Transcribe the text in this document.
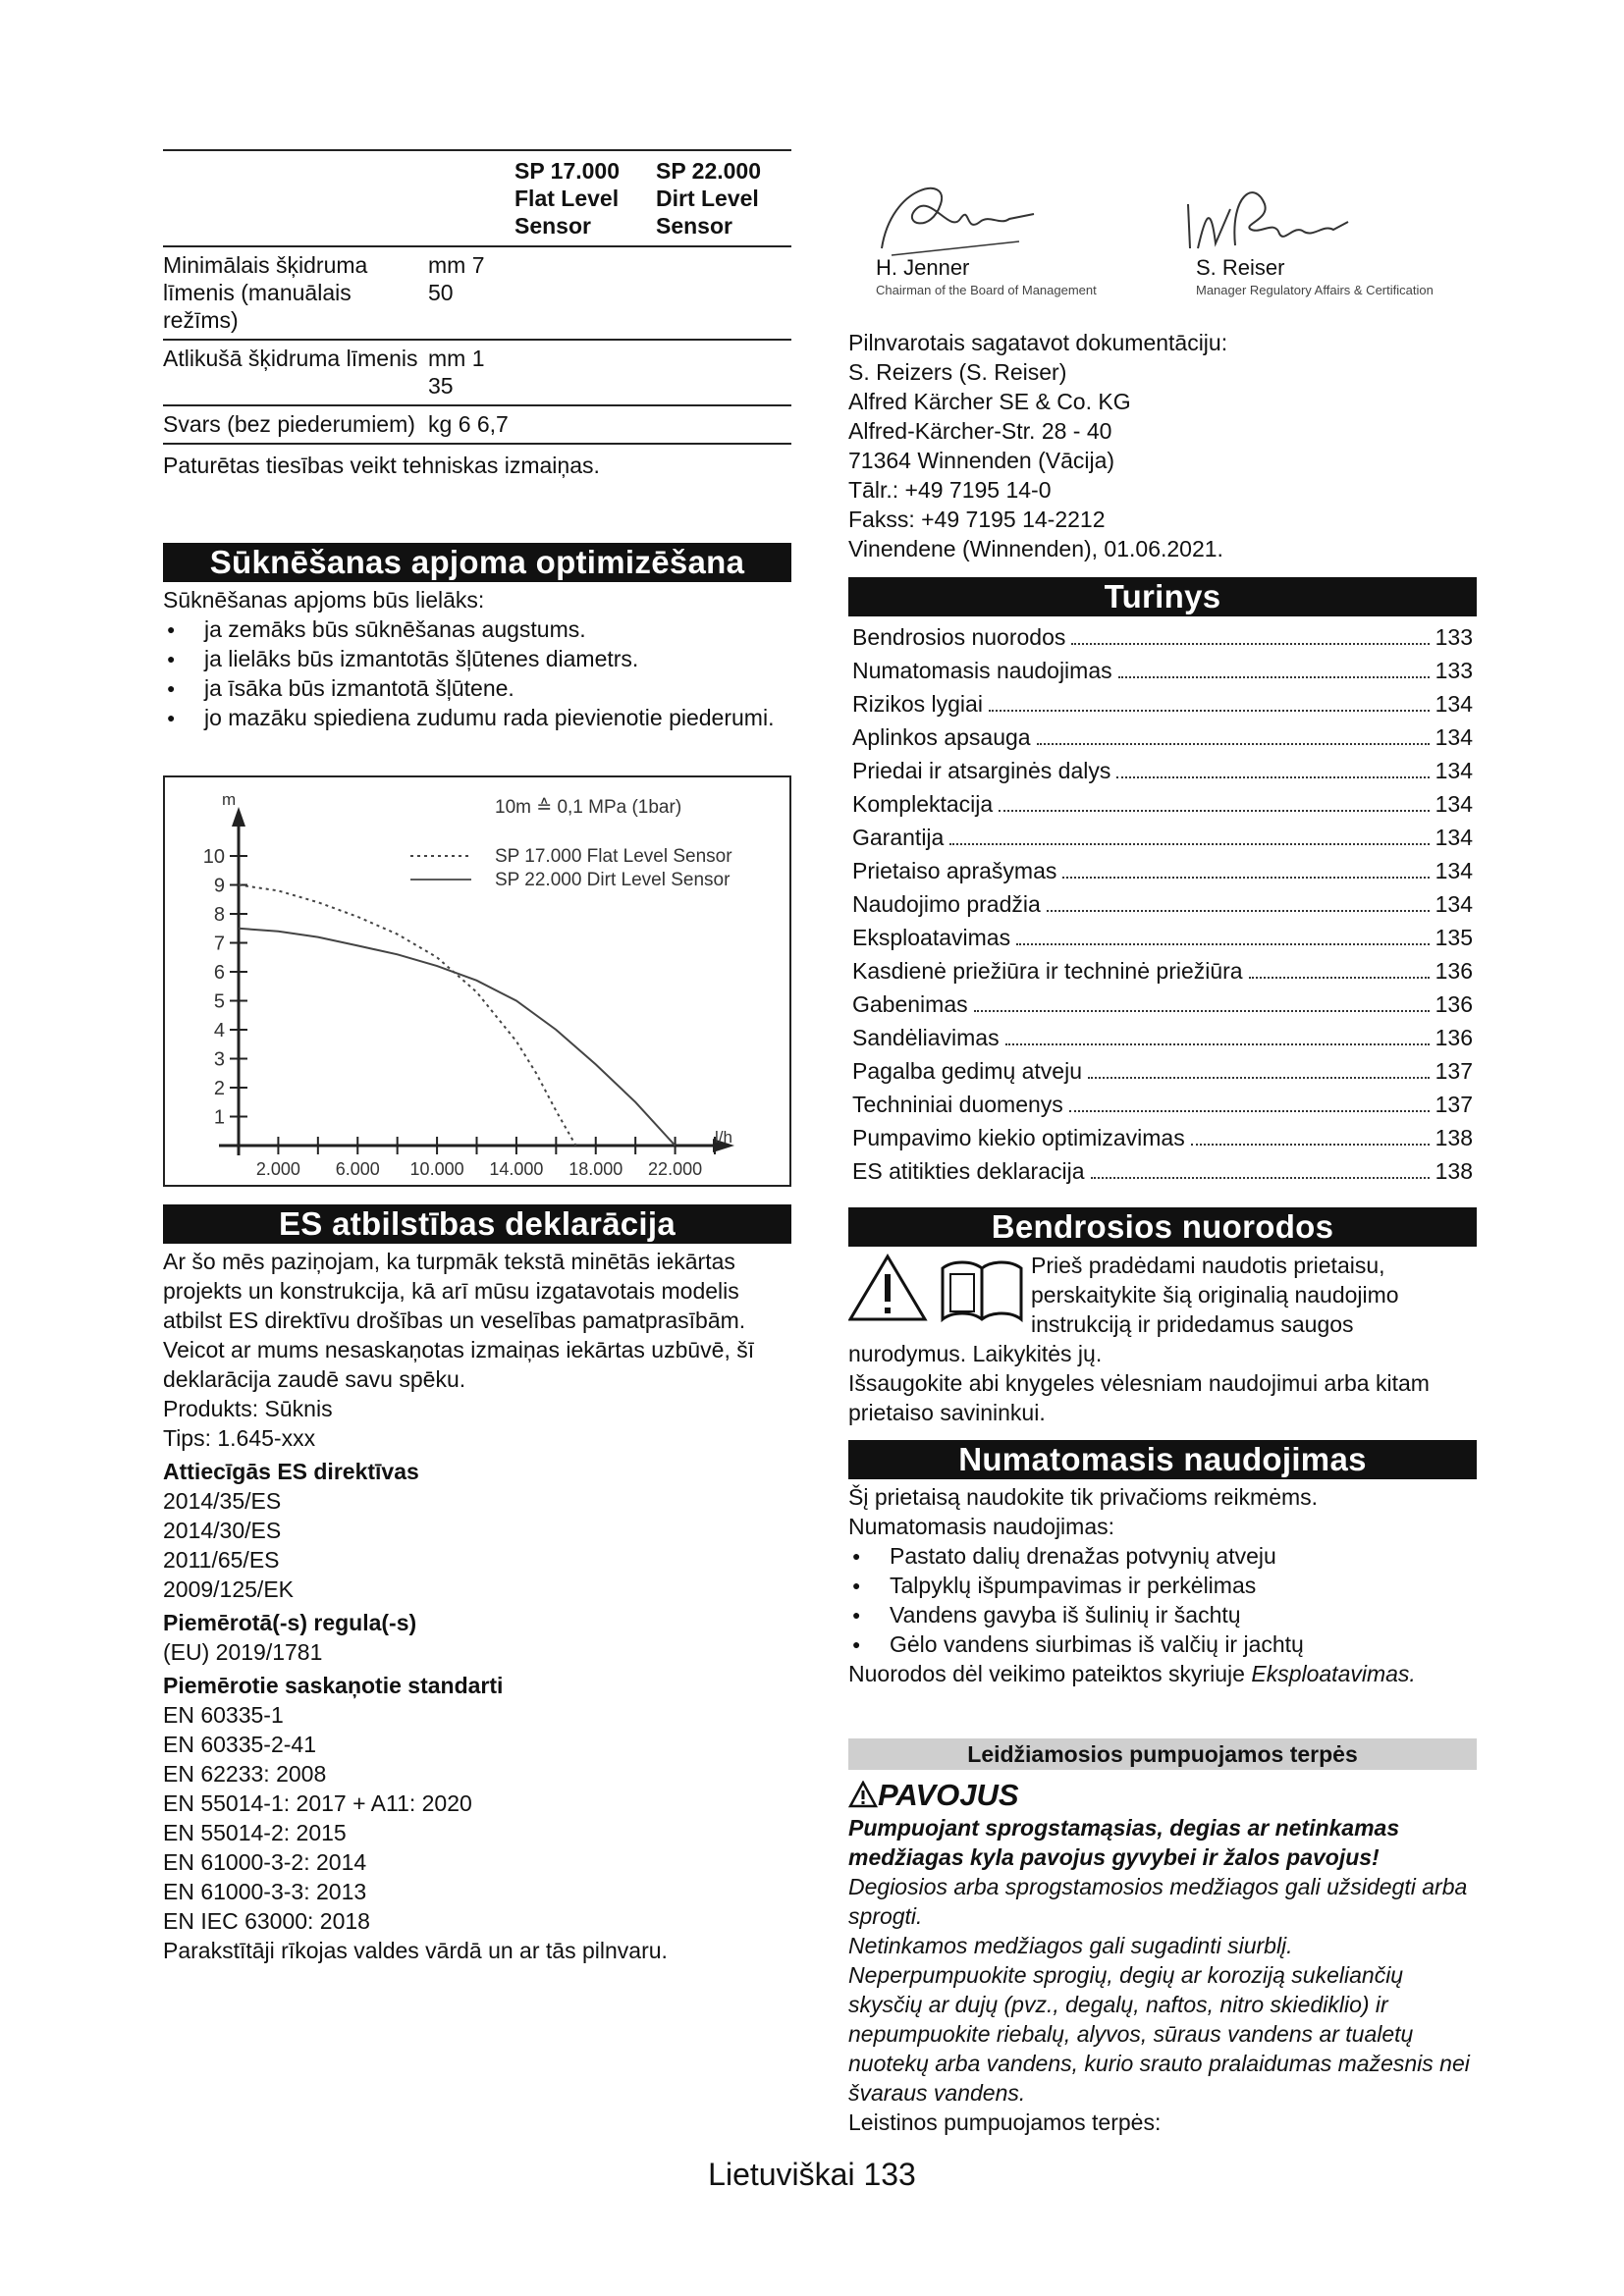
		SP 17.000 Flat Level Sensor	SP 22.000 Dirt Level Sensor
Minimālais šķidruma līmenis (manuālais režīms)	mm 7 50		
Atlikušā šķidruma līmenis	mm 1 35		
Svars (bez piederumiem)	kg 6 6,7		

Paturētas tiesības veikt tehniskas izmaiņas.

Sūknēšanas apjoma optimizēšana

Sūknēšanas apjoms būs lielāks:

● ja zemāks būs sūknēšanas augstums.
● ja lielāks būs izmantotās šļūtenes diametrs.
● ja īsāka būs izmantotā šļūtene.
● jo mazāku spiediena zudumu rada pievienotie piederumi.
m	10m ≙ 0,1 MPa (1bar)
SP 17.000 Flat Level Sensor
SP 22.000 Dirt Level Sensor
l/h
1
2
3
4
5
6
7
8
9
10
2.000 6.000 10.000 14.000 18.000 22.000
ES atbilstības deklarācija

Ar šo mēs paziņojam, ka turpmāk tekstā minētās iekārtas projekts un konstrukcija, kā arī mūsu izgatavotais modelis atbilst ES direktīvu drošības un veselības pamatprasībām. Veicot ar mums nesaskaņotas izmaiņas iekārtas uzbūvē, šī deklarācija zaudē savu spēku.

Produkts: Sūknis

Tips: 1.645-xxx

Attiecīgās ES direktīvas

2014/35/ES

2014/30/ES

2011/65/ES

2009/125/EK

Piemērotā(-s) regula(-s)

(EU) 2019/1781

Piemērotie saskaņotie standarti

EN 60335-1

EN 60335-2-41

EN 62233: 2008

EN 55014-1: 2017 + A11: 2020

EN 55014-2: 2015

EN 61000-3-2: 2014

EN 61000-3-3: 2013

EN IEC 63000: 2018

Parakstītāji rīkojas valdes vārdā un ar tās pilnvaru.

H. Jenner
Chairman of the Board of Management
S. Reiser
Manager Regulatory Affairs & Certification

Pilnvarotais sagatavot dokumentāciju:

S. Reizers (S. Reiser)

Alfred Kärcher SE & Co. KG

Alfred-Kärcher-Str. 28 - 40

71364 Winnenden (Vācija)

Tālr.: +49 7195 14-0

Fakss: +49 7195 14-2212

Vinendene (Winnenden), 01.06.2021.

Turinys
Bendrosios nuorodos	133
Numatomasis naudojimas	133
Rizikos lygiai	134
Aplinkos apsauga	134
Priedai ir atsarginės dalys	134
Komplektacija	134
Garantija	134
Prietaiso aprašymas	134
Naudojimo pradžia	134
Eksploatavimas	135
Kasdienė priežiūra ir techninė priežiūra	136
Gabenimas	136
Sandėliavimas	136
Pagalba gedimų atveju	137
Techniniai duomenys	137
Pumpavimo kiekio optimizavimas	138
ES atitikties deklaracija	138
Bendrosios nuorodos

Prieš pradėdami naudotis prietaisu, perskaitykite šią originalią naudojimo instrukciją ir pridedamus saugos nurodymus. Laikykitės jų.

Išsaugokite abi knygeles vėlesniam naudojimui arba kitam prietaiso savininkui.

Numatomasis naudojimas

Šį prietaisą naudokite tik privačioms reikmėms.

Numatomasis naudojimas:

● Pastato dalių drenažas potvynių atveju
● Talpyklų išpumpavimas ir perkėlimas
● Vandens gavyba iš šulinių ir šachtų
● Gėlo vandens siurbimas iš valčių ir jachtų

Nuorodos dėl veikimo pateiktos skyriuje Eksploatavimas.

Leidžiamosios pumpuojamos terpės
PAVOJUS

Pumpuojant sprogstamąsias, degias ar netinkamas medžiagas kyla pavojus gyvybei ir žalos pavojus!

Degiosios arba sprogstamosios medžiagos gali užsidegti arba sprogti.

Netinkamos medžiagos gali sugadinti siurblį.

Neperpumpuokite sprogių, degių ar koroziją sukeliančių skysčių ar dujų (pvz., degalų, naftos, nitro skiediklio) ir nepumpuokite riebalų, alyvos, sūraus vandens ar tualetų nuotekų arba vandens, kurio srauto pralaidumas mažesnis nei švaraus vandens.

Leistinos pumpuojamos terpės:

Lietuviškai 133
